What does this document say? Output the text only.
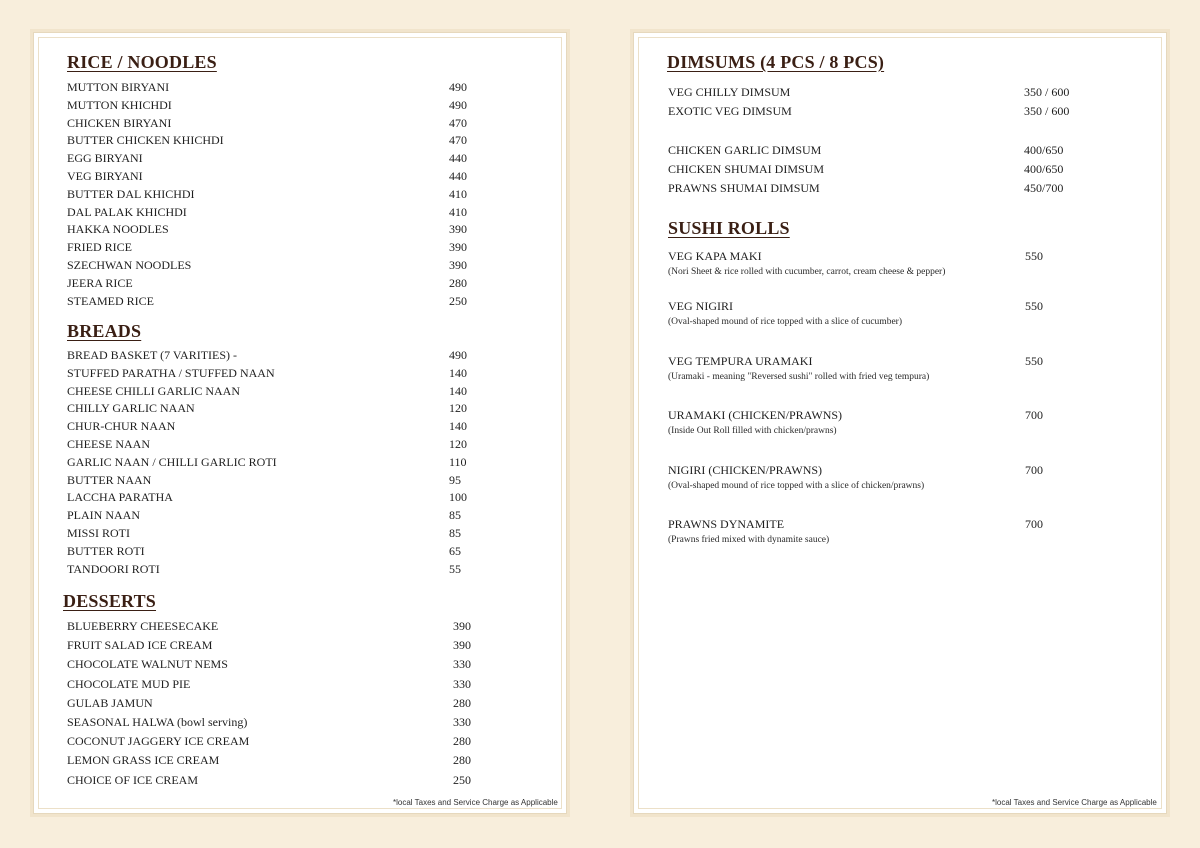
RICE / NOODLES
MUTTON BIRYANI	490
MUTTON KHICHDI	490
CHICKEN BIRYANI	470
BUTTER CHICKEN KHICHDI	470
EGG BIRYANI	440
VEG BIRYANI	440
BUTTER DAL KHICHDI	410
DAL PALAK KHICHDI	410
HAKKA NOODLES	390
FRIED RICE	390
SZECHWAN NOODLES	390
JEERA RICE	280
STEAMED RICE	250
BREADS
BREAD BASKET (7 VARITIES) -	490
STUFFED PARATHA / STUFFED NAAN	140
CHEESE CHILLI GARLIC NAAN	140
CHILLY GARLIC NAAN	120
CHUR-CHUR NAAN	140
CHEESE NAAN	120
GARLIC NAAN / CHILLI GARLIC ROTI	110
BUTTER NAAN	95
LACCHA PARATHA	100
PLAIN NAAN	85
MISSI ROTI	85
BUTTER ROTI	65
TANDOORI ROTI	55
DESSERTS
BLUEBERRY CHEESECAKE	390
FRUIT SALAD ICE CREAM	390
CHOCOLATE WALNUT NEMS	330
CHOCOLATE MUD PIE	330
GULAB JAMUN	280
SEASONAL HALWA (bowl serving)	330
COCONUT JAGGERY ICE CREAM	280
LEMON GRASS ICE CREAM	280
CHOICE OF ICE CREAM	250
*local Taxes and Service Charge as Applicable
DIMSUMS (4 PCS / 8 PCS)
VEG CHILLY DIMSUM	350 / 600
EXOTIC VEG DIMSUM	350 / 600
CHICKEN GARLIC DIMSUM	400/650
CHICKEN SHUMAI DIMSUM	400/650
PRAWNS SHUMAI DIMSUM	450/700
SUSHI ROLLS
VEG KAPA MAKI	550
(Nori Sheet & rice rolled with cucumber, carrot, cream cheese & pepper)
VEG NIGIRI	550
(Oval-shaped mound of rice topped with a slice of cucumber)
VEG TEMPURA URAMAKI	550
(Uramaki - meaning "Reversed sushi" rolled with fried veg tempura)
URAMAKI (CHICKEN/PRAWNS)	700
(Inside Out Roll filled with chicken/prawns)
NIGIRI (CHICKEN/PRAWNS)	700
(Oval-shaped mound of rice topped with a slice of chicken/prawns)
PRAWNS DYNAMITE	700
(Prawns fried mixed with dynamite sauce)
*local Taxes and Service Charge as Applicable
